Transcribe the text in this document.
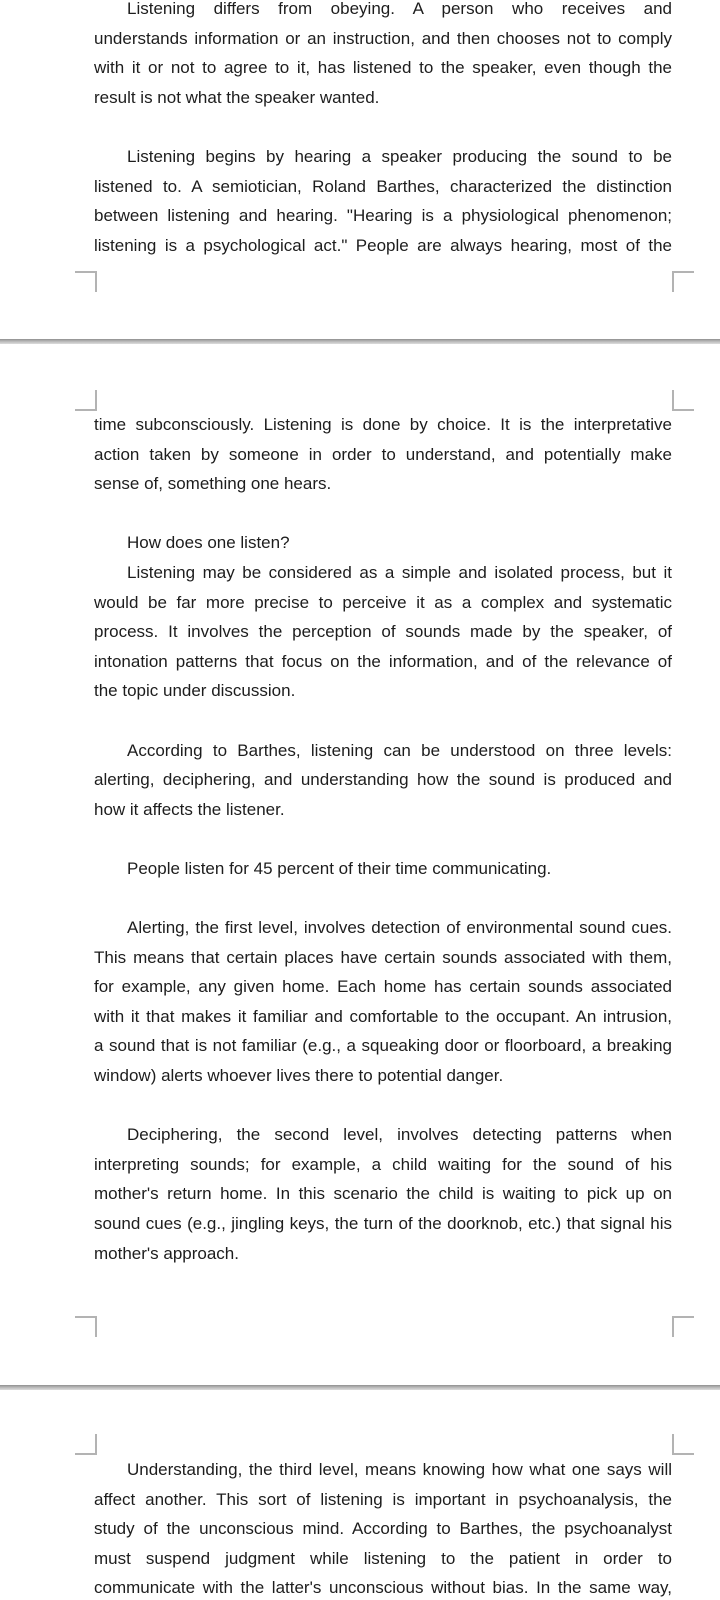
Listening differs from obeying. A person who receives and
understands information or an instruction, and then chooses not to comply
with it or not to agree to it, has listened to the speaker, even though the
result is not what the speaker wanted.
Listening begins by hearing a speaker producing the sound to be
listened to. A semiotician, Roland Barthes, characterized the distinction
between listening and hearing. "Hearing is a physiological phenomenon;
listening is a psychological act." People are always hearing, most of the
time subconsciously. Listening is done by choice. It is the interpretative
action taken by someone in order to understand, and potentially make
sense of, something one hears.
How does one listen?
Listening may be considered as a simple and isolated process, but it
would be far more precise to perceive it as a complex and systematic
process. It involves the perception of sounds made by the speaker, of
intonation patterns that focus on the information, and of the relevance of
the topic under discussion.
According to Barthes, listening can be understood on three levels:
alerting, deciphering, and understanding how the sound is produced and
how it affects the listener.
People listen for 45 percent of their time communicating.
Alerting, the first level, involves detection of environmental sound cues.
This means that certain places have certain sounds associated with them,
for example, any given home. Each home has certain sounds associated
with it that makes it familiar and comfortable to the occupant. An intrusion,
a sound that is not familiar (e.g., a squeaking door or floorboard, a breaking
window) alerts whoever lives there to potential danger.
Deciphering, the second level, involves detecting patterns when
interpreting sounds; for example, a child waiting for the sound of his
mother's return home. In this scenario the child is waiting to pick up on
sound cues (e.g., jingling keys, the turn of the doorknob, etc.) that signal his
mother's approach.
Understanding, the third level, means knowing how what one says will
affect another. This sort of listening is important in psychoanalysis, the
study of the unconscious mind. According to Barthes, the psychoanalyst
must suspend judgment while listening to the patient in order to
communicate with the latter's unconscious without bias. In the same way,
